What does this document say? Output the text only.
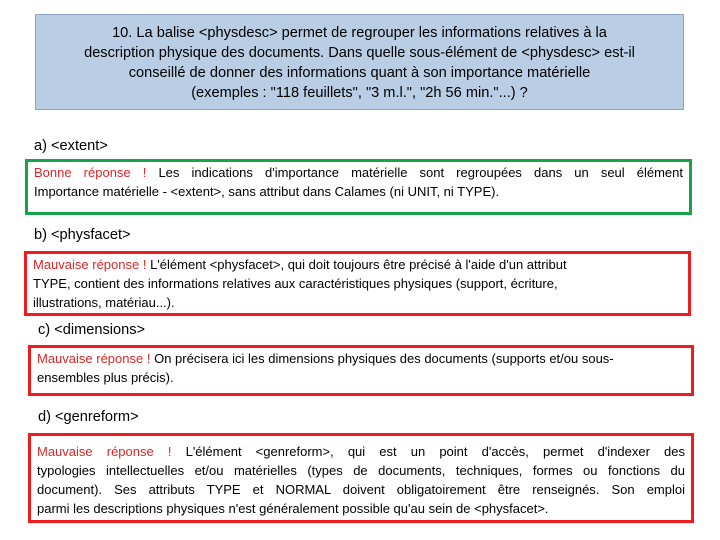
10. La balise <physdesc> permet de regrouper les informations relatives à la
description physique des documents. Dans quelle sous-élément de <physdesc> est-il
conseillé de donner des informations quant à son importance matérielle
(exemples : "118 feuillets", "3 m.l.", "2h 56 min."...) ?
a) <extent>
Bonne réponse ! Les indications d'importance matérielle sont regroupées dans un seul élément
Importance matérielle - <extent>, sans attribut dans Calames (ni UNIT, ni TYPE).
b) <physfacet>
Mauvaise réponse ! L'élément <physfacet>, qui doit toujours être précisé à l'aide d'un attribut
TYPE, contient des informations relatives aux caractéristiques physiques (support, écriture,
illustrations, matériau...).
c) <dimensions>
Mauvaise réponse ! On précisera ici les dimensions physiques des documents (supports et/ou sous-
ensembles plus précis).
d) <genreform>
Mauvaise réponse ! L'élément <genreform>, qui est un point d'accès, permet d'indexer des
typologies intellectuelles et/ou matérielles (types de documents, techniques, formes ou fonctions du
document). Ses attributs TYPE et NORMAL doivent obligatoirement être renseignés. Son emploi
parmi les descriptions physiques n'est généralement possible qu'au sein de <physfacet>.
